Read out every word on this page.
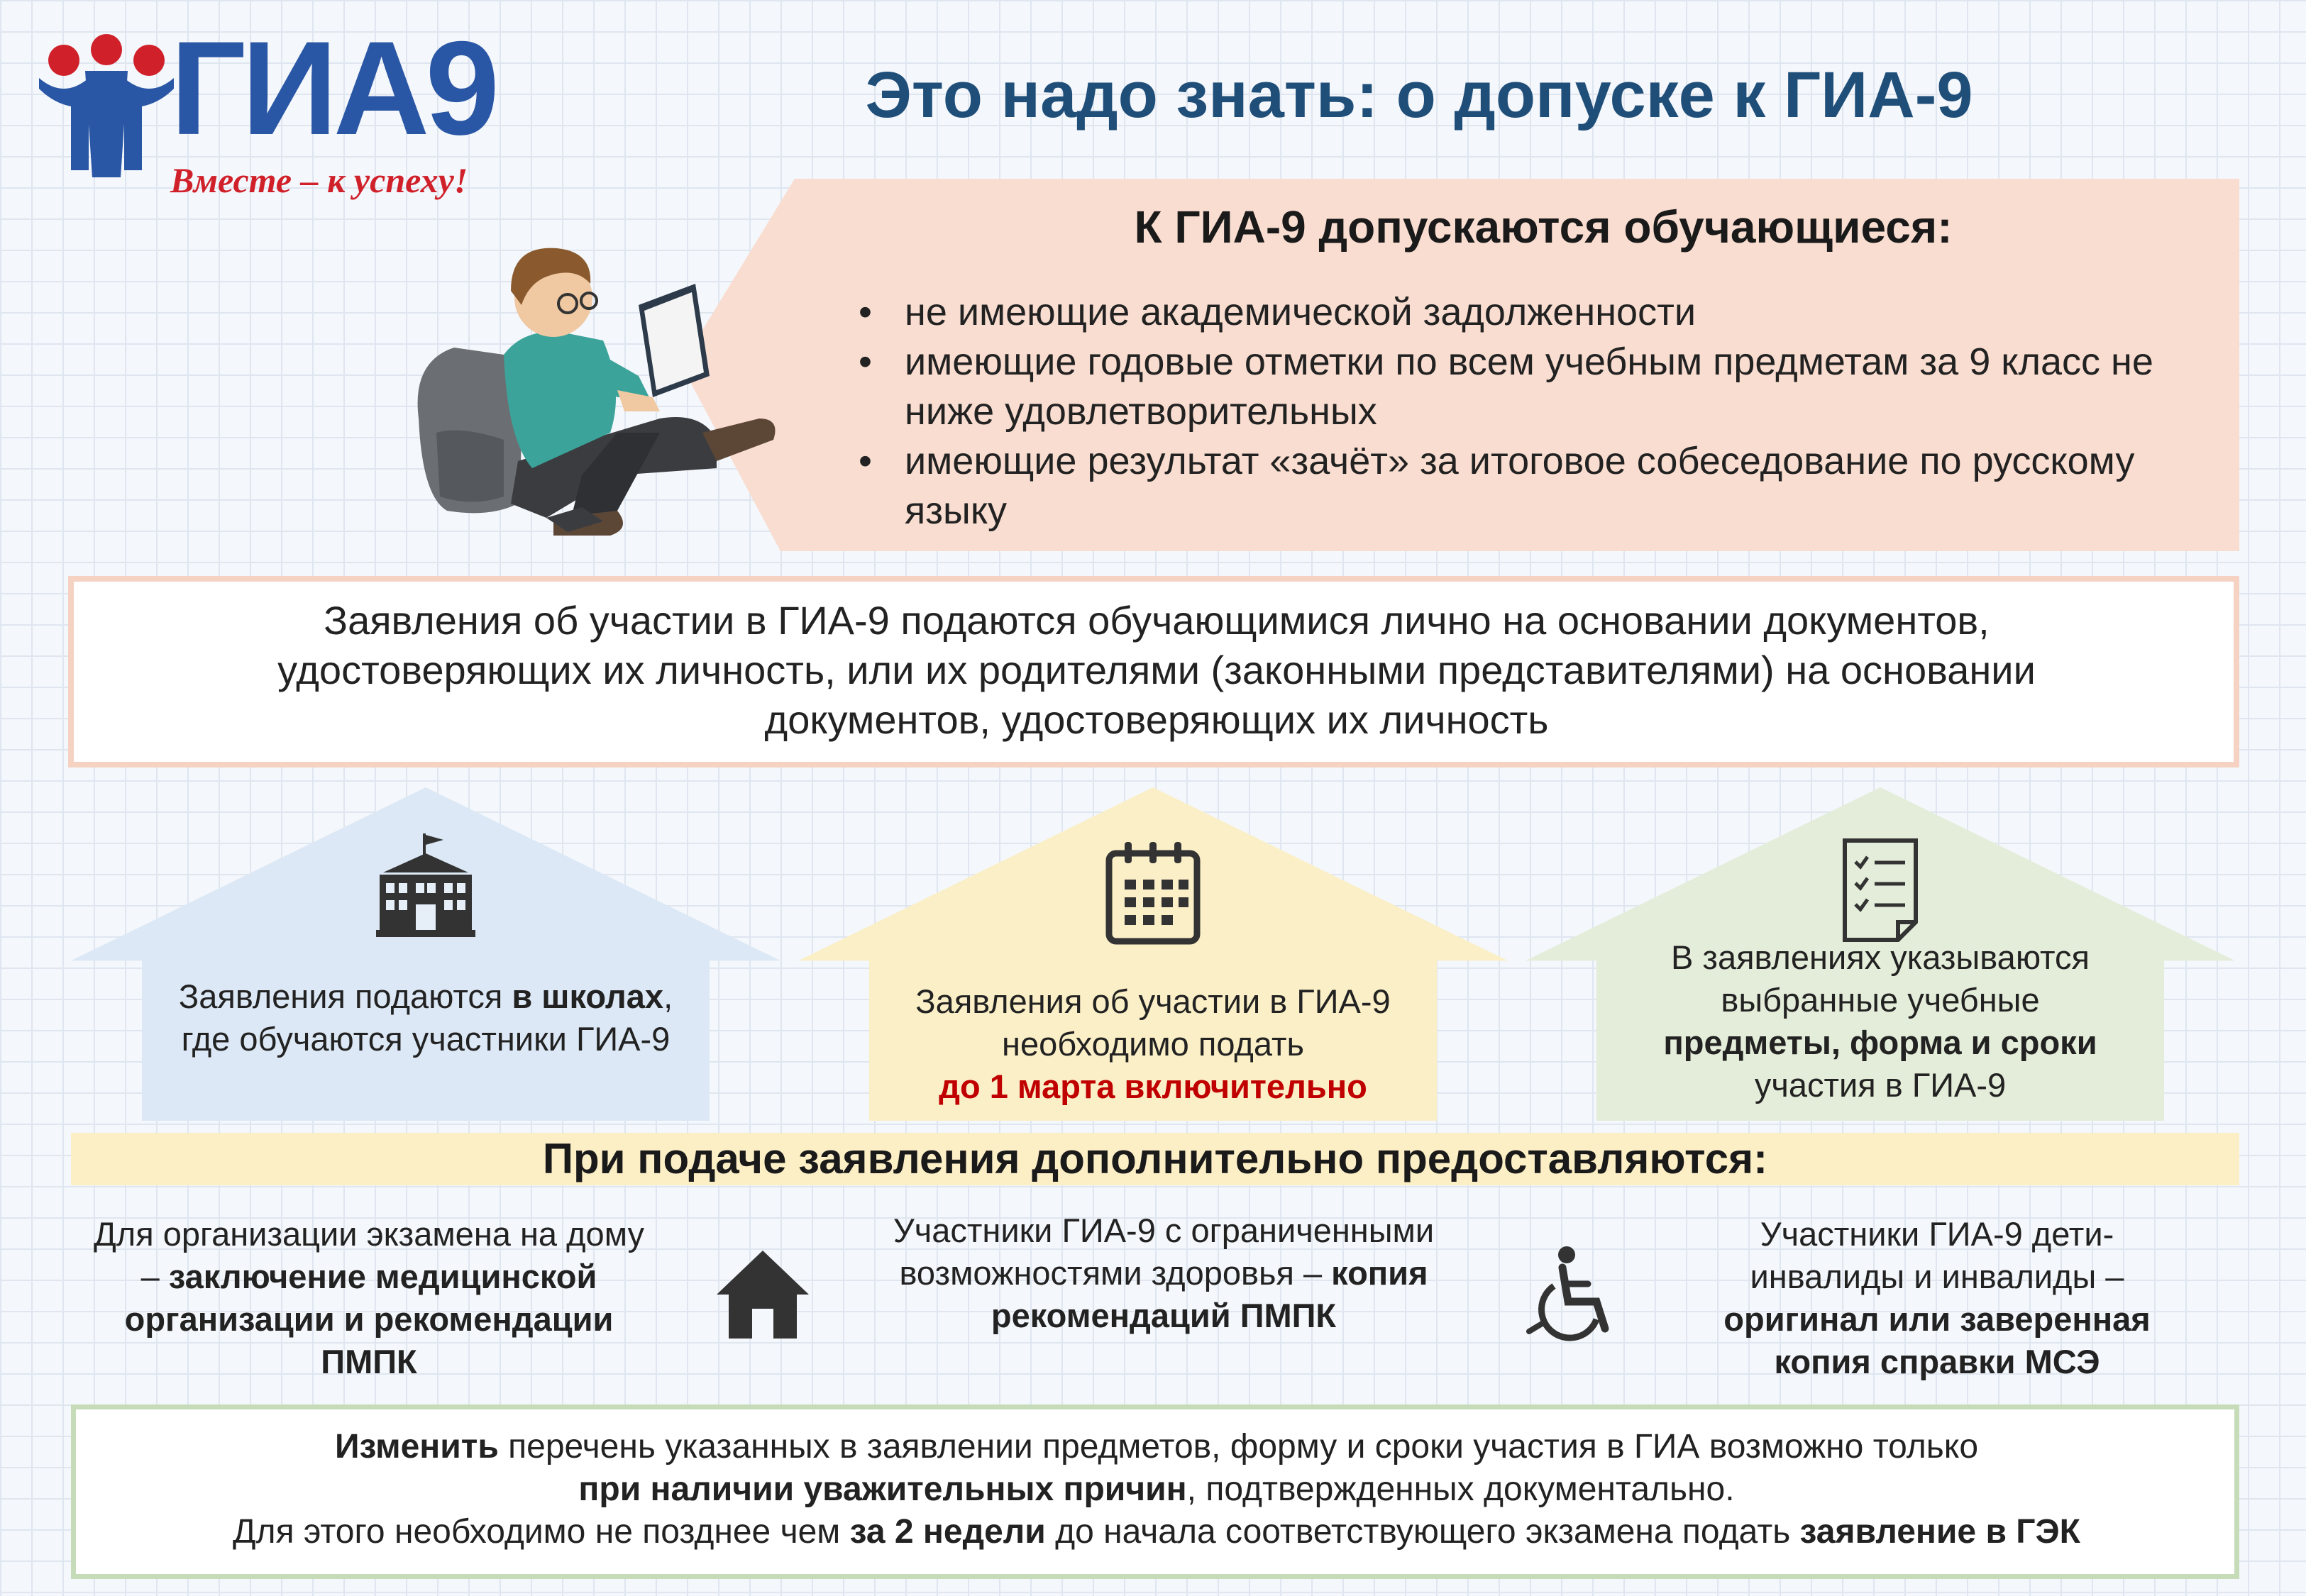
ГИА9
Вместе – к успеху!
Это надо знать: о допуске к ГИА-9
К ГИА-9 допускаются обучающиеся:
• не имеющие академической задолженности
• имеющие годовые отметки по всем учебным предметам за 9 класс не ниже удовлетворительных
• имеющие результат «зачёт» за итоговое собеседование по русскому языку
Заявления об участии в ГИА-9 подаются обучающимися лично на основании документов, удостоверяющих их личность, или их родителями (законными представителями) на основании документов, удостоверяющих их личность
Заявления подаются в школах, где обучаются участники ГИА-9
Заявления об участии в ГИА-9 необходимо подать
до 1 марта включительно
В заявлениях указываются выбранные учебные
предметы, форма и сроки
участия в ГИА-9
При подаче заявления дополнительно предоставляются:
Для организации экзамена на дому – заключение медицинской организации и рекомендации ПМПК
Участники ГИА-9 с ограниченными возможностями здоровья – копия рекомендаций ПМПК
Участники ГИА-9 дети-инвалиды и инвалиды – оригинал или заверенная копия справки МСЭ
Изменить перечень указанных в заявлении предметов, форму и сроки участия в ГИА возможно только
при наличии уважительных причин, подтвержденных документально.
Для этого необходимо не позднее чем за 2 недели до начала соответствующего экзамена подать заявление в ГЭК
